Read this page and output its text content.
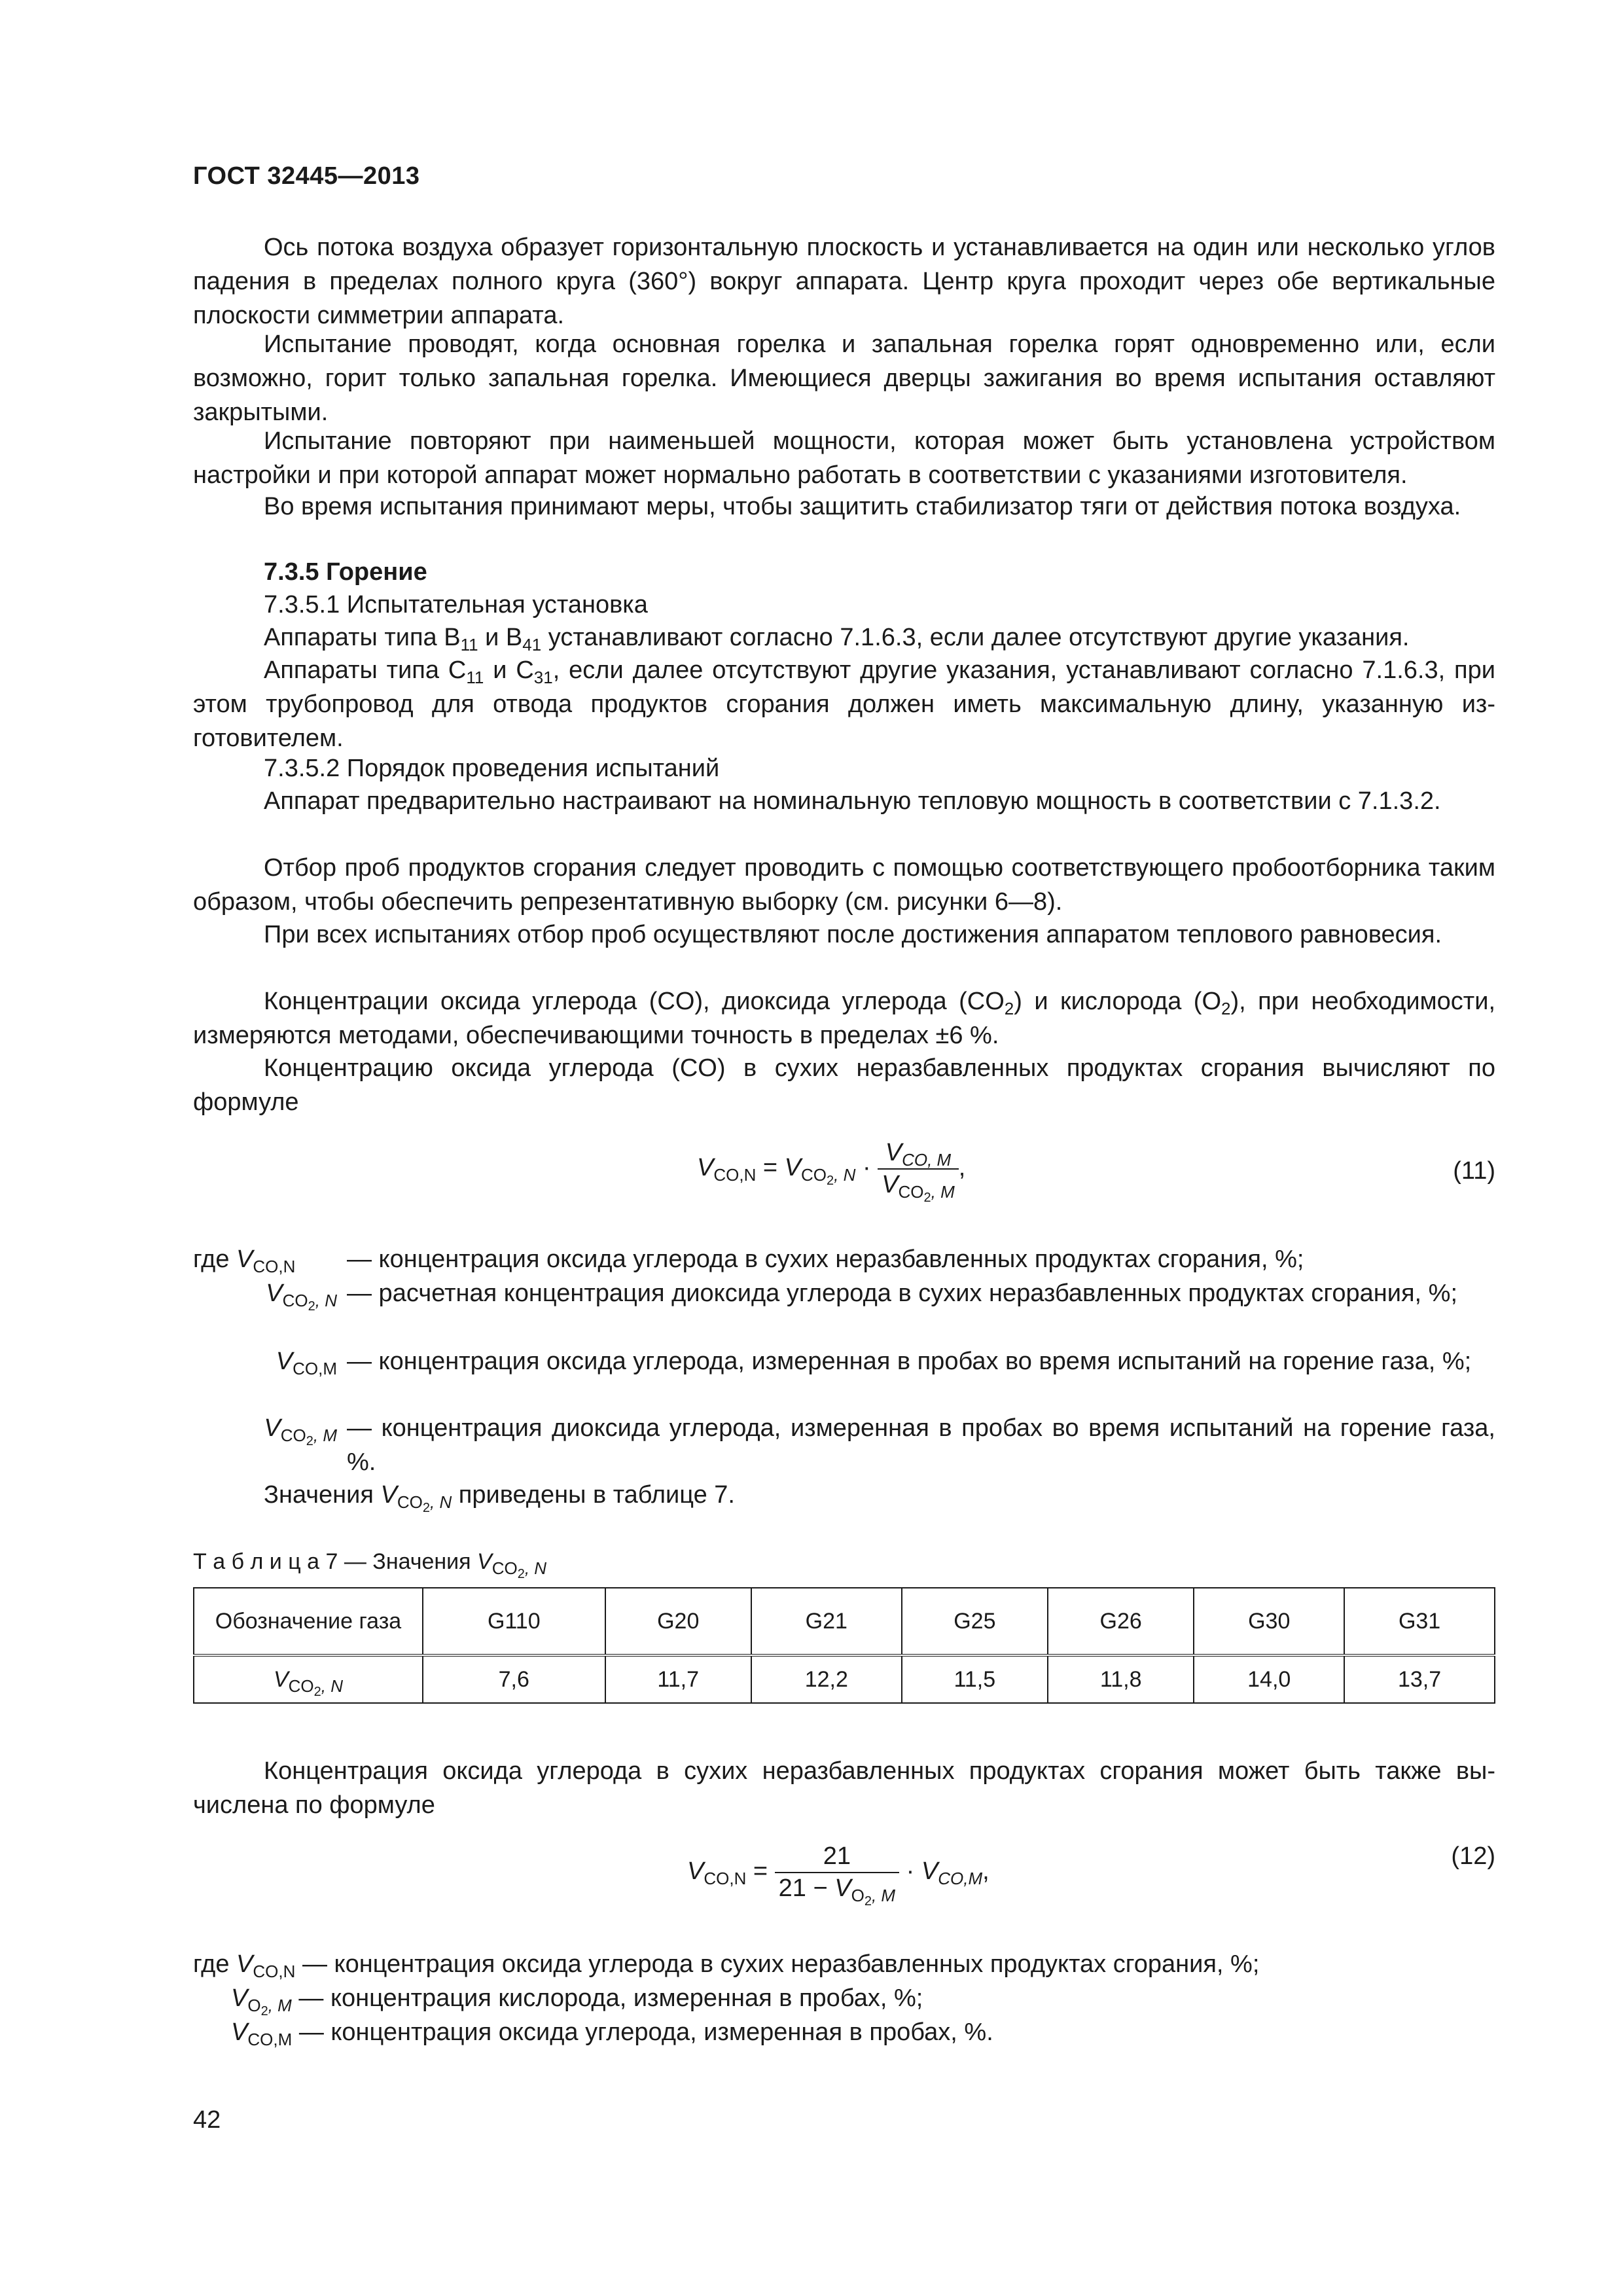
ГОСТ 32445—2013

Ось потока воздуха образует горизонтальную плоскость и устанавливается на один или несколько углов падения в пределах полного круга (360°) вокруг аппарата. Центр круга проходит через обе вертикальные плоскости симметрии аппарата.

Испытание проводят, когда основная горелка и запальная горелка горят одновременно или, если возможно, горит только запальная горелка. Имеющиеся дверцы зажигания во время испытания оставляют закрытыми.

Испытание повторяют при наименьшей мощности, которая может быть установлена устройством настройки и при которой аппарат может нормально работать в соответствии с указаниями изготовителя.

Во время испытания принимают меры, чтобы защитить стабилизатор тяги от действия потока воздуха.

7.3.5 Горение

7.3.5.1 Испытательная установка

Аппараты типа $B_{11}$ и $B_{41}$ устанавливают согласно 7.1.6.3, если далее отсутствуют другие указания.

Аппараты типа $C_{11}$ и $C_{31}$, если далее отсутствуют другие указания, устанавливают согласно 7.1.6.3, при этом трубопровод для отвода продуктов сгорания должен иметь максимальную длину, указанную изготовителем.

7.3.5.2 Порядок проведения испытаний

Аппарат предварительно настраивают на номинальную тепловую мощность в соответствии с 7.1.3.2.

Отбор проб продуктов сгорания следует проводить с помощью соответствующего пробоотборника таким образом, чтобы обеспечить репрезентативную выборку (см. рисунки 6—8).

При всех испытаниях отбор проб осуществляют после достижения аппаратом теплового равновесия.

Концентрации оксида углерода (CO), диоксида углерода $(CO_2)$ и кислорода $(O_2)$, при необходимости, измеряются методами, обеспечивающими точность в пределах ±6 %.

Концентрацию оксида углерода (CO) в сухих неразбавленных продуктах сгорания вычисляют по формуле

$V_{CO,N} = V_{CO_2, N} \cdot \frac{V_{CO, M}}{V_{CO_2, M}}$ ,	(11)
где $V_{CO,N}$ — концентрация оксида углерода в сухих неразбавленных продуктах сгорания, %;
$V_{CO_2, N}$ — расчетная концентрация диоксида углерода в сухих неразбавленных продуктах сгорания, %;
$V_{CO,M}$ — концентрация оксида углерода, измеренная в пробах во время испытаний на горение газа, %;
$V_{CO_2, M}$ — концентрация диоксида углерода, измеренная в пробах во время испытаний на горение газа, %.

Значения $V_{CO_2, N}$ приведены в таблице 7.

Т а б л и ц а 7 — Значения $V_{CO_2, N}$
Обозначение газа	G110	G20	G21	G25	G26	G30	G31
$V_{CO_2, N}$	7,6	11,7	12,2	11,5	11,8	14,0	13,7

Концентрация оксида углерода в сухих неразбавленных продуктах сгорания может быть также вычислена по формуле

$V_{CO,N} = \frac{21}{21 - V_{O_2, M}} \cdot V_{CO,M}$,
(12)
где $V_{CO,N}$ — концентрация оксида углерода в сухих неразбавленных продуктах сгорания, %;
$V_{O_2, M}$ — концентрация кислорода, измеренная в пробах, %;
$V_{CO,M}$ — концентрация оксида углерода, измеренная в пробах, %.
42
